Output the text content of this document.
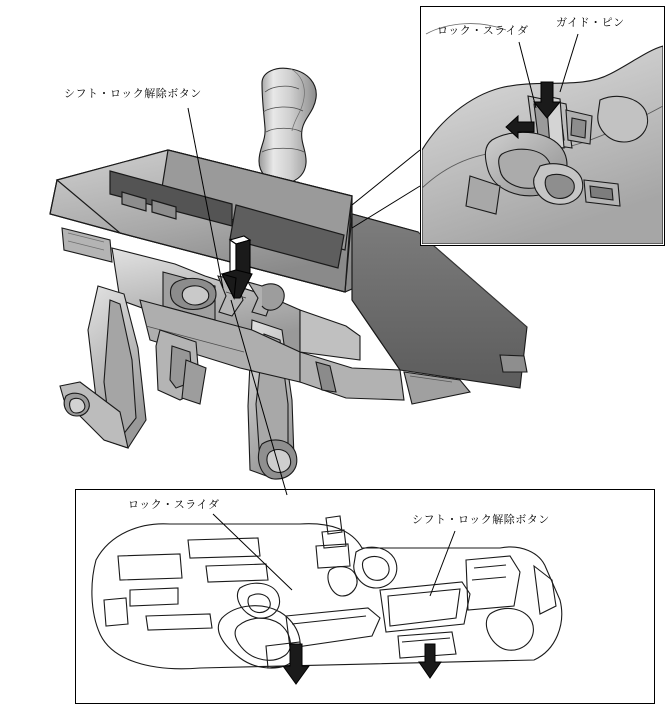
シフト・ロック解除ボタン
ロック・スライダ
ガイド・ピン
ロック・スライダ
シフト・ロック解除ボタン
